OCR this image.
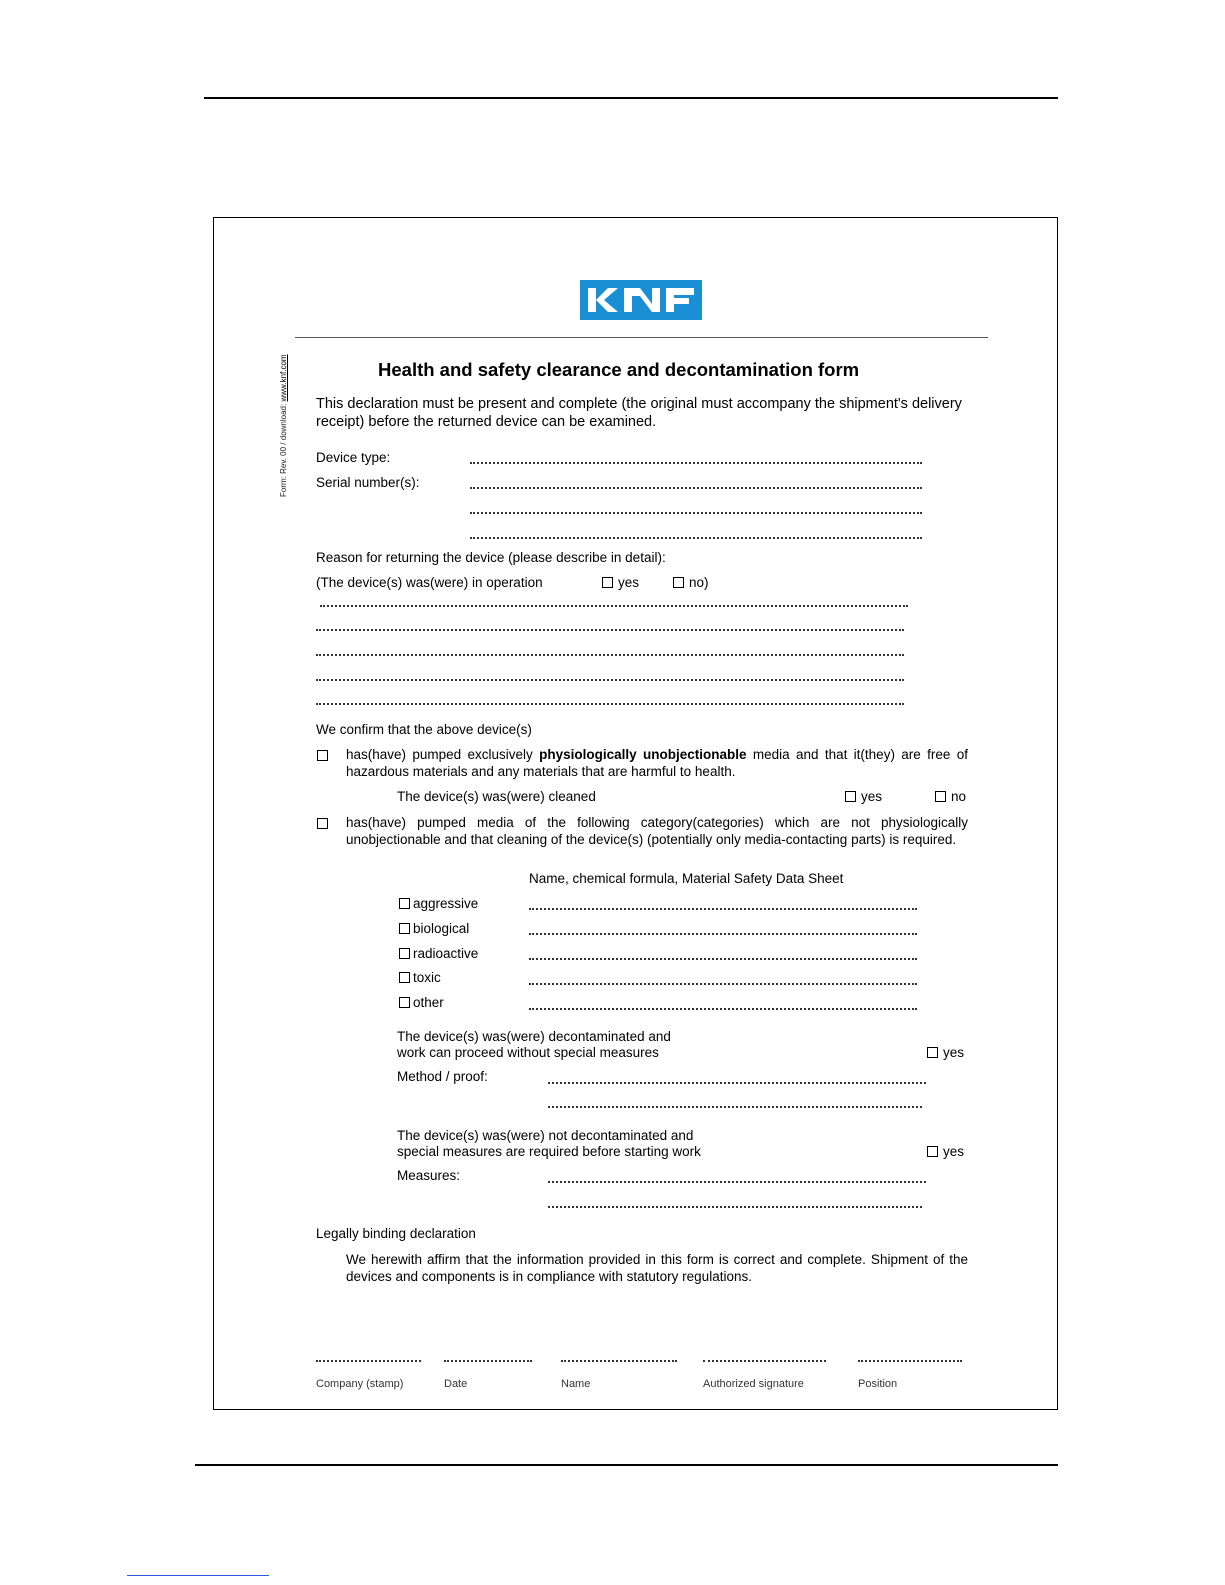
Form: Rev. 00 / download: www.knf.com	Health and safety clearance and decontamination form
This declaration must be present and complete (the original must accompany the shipment's delivery receipt) before the returned device can be examined.
Device type:
Serial number(s):
Reason for returning the device (please describe in detail):
(The device(s) was(were) in operation	yes	no)
We confirm that the above device(s)
has(have) pumped exclusively physiologically unobjectionable media and that it(they) are free of hazardous materials and any materials that are harmful to health.
The device(s) was(were) cleaned	yes	no
has(have) pumped media of the following category(categories) which are not physiologically unobjectionable and that cleaning of the device(s) (potentially only media-contacting parts) is required.
Name, chemical formula, Material Safety Data Sheet
aggressive
biological
radioactive
toxic
other
The device(s) was(were) decontaminated and
work can proceed without special measures	yes
Method / proof:
The device(s) was(were) not decontaminated and
special measures are required before starting work	yes
Measures:
Legally binding declaration
We herewith affirm that the information provided in this form is correct and complete. Shipment of the devices and components is in compliance with statutory regulations.
Company (stamp)	Date	Name	Authorized signature	Position
